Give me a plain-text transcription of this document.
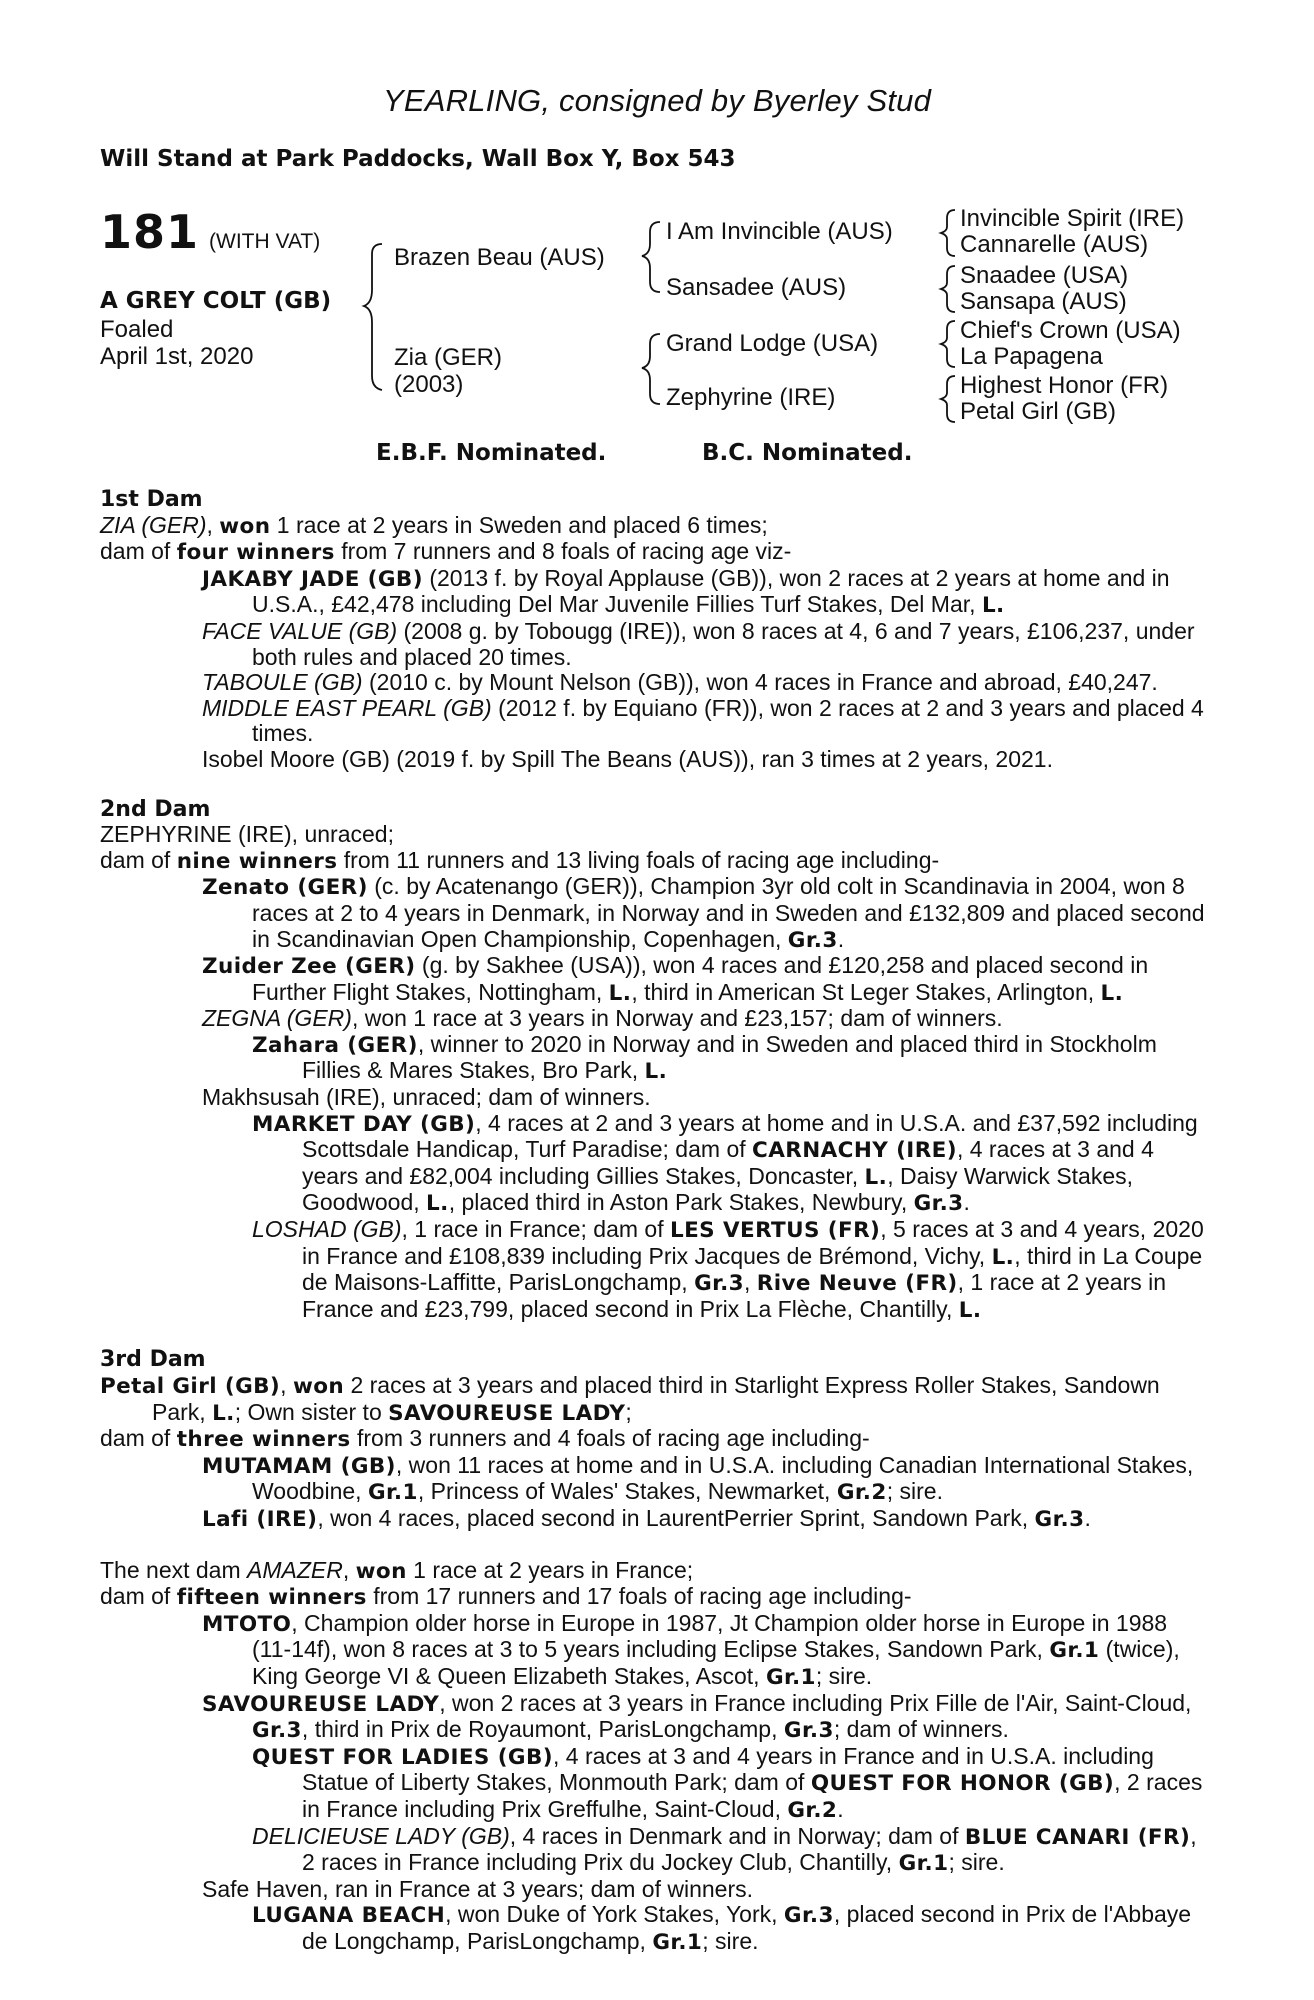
YEARLING, consigned by Byerley Stud
Will Stand at Park Paddocks, Wall Box Y, Box 543
181 (WITH VAT)
A GREY COLT (GB)
Foaled
April 1st, 2020
Brazen Beau (AUS)
Zia (GER)
(2003)
I Am Invincible (AUS)
Sansadee (AUS)
Grand Lodge (USA)
Zephyrine (IRE)
Invincible Spirit (IRE)
Cannarelle (AUS)
Snaadee (USA)
Sansapa (AUS)
Chief's Crown (USA)
La Papagena
Highest Honor (FR)
Petal Girl (GB)
E.B.F. Nominated.	B.C. Nominated.

1st Dam

ZIA (GER), won 1 race at 2 years in Sweden and placed 6 times;

dam of four winners from 7 runners and 8 foals of racing age viz-

JAKABY JADE (GB) (2013 f. by Royal Applause (GB)), won 2 races at 2 years at home and in U.S.A., £42,478 including Del Mar Juvenile Fillies Turf Stakes, Del Mar, L.

FACE VALUE (GB) (2008 g. by Tobougg (IRE)), won 8 races at 4, 6 and 7 years, £106,237, under both rules and placed 20 times.

TABOULE (GB) (2010 c. by Mount Nelson (GB)), won 4 races in France and abroad, £40,247.

MIDDLE EAST PEARL (GB) (2012 f. by Equiano (FR)), won 2 races at 2 and 3 years and placed 4 times.

Isobel Moore (GB) (2019 f. by Spill The Beans (AUS)), ran 3 times at 2 years, 2021.

2nd Dam

ZEPHYRINE (IRE), unraced;

dam of nine winners from 11 runners and 13 living foals of racing age including-

Zenato (GER) (c. by Acatenango (GER)), Champion 3yr old colt in Scandinavia in 2004, won 8 races at 2 to 4 years in Denmark, in Norway and in Sweden and £132,809 and placed second in Scandinavian Open Championship, Copenhagen, Gr.3.

Zuider Zee (GER) (g. by Sakhee (USA)), won 4 races and £120,258 and placed second in Further Flight Stakes, Nottingham, L., third in American St Leger Stakes, Arlington, L.

ZEGNA (GER), won 1 race at 3 years in Norway and £23,157; dam of winners.

Zahara (GER), winner to 2020 in Norway and in Sweden and placed third in Stockholm Fillies & Mares Stakes, Bro Park, L.

Makhsusah (IRE), unraced; dam of winners.

MARKET DAY (GB), 4 races at 2 and 3 years at home and in U.S.A. and £37,592 including Scottsdale Handicap, Turf Paradise; dam of CARNACHY (IRE), 4 races at 3 and 4 years and £82,004 including Gillies Stakes, Doncaster, L., Daisy Warwick Stakes, Goodwood, L., placed third in Aston Park Stakes, Newbury, Gr.3.

LOSHAD (GB), 1 race in France; dam of LES VERTUS (FR), 5 races at 3 and 4 years, 2020 in France and £108,839 including Prix Jacques de Brémond, Vichy, L., third in La Coupe de Maisons-Laffitte, ParisLongchamp, Gr.3, Rive Neuve (FR), 1 race at 2 years in France and £23,799, placed second in Prix La Flèche, Chantilly, L.

3rd Dam

Petal Girl (GB), won 2 races at 3 years and placed third in Starlight Express Roller Stakes, Sandown Park, L.; Own sister to SAVOUREUSE LADY;

dam of three winners from 3 runners and 4 foals of racing age including-

MUTAMAM (GB), won 11 races at home and in U.S.A. including Canadian International Stakes, Woodbine, Gr.1, Princess of Wales' Stakes, Newmarket, Gr.2; sire.

Lafi (IRE), won 4 races, placed second in LaurentPerrier Sprint, Sandown Park, Gr.3.

The next dam AMAZER, won 1 race at 2 years in France;

dam of fifteen winners from 17 runners and 17 foals of racing age including-

MTOTO, Champion older horse in Europe in 1987, Jt Champion older horse in Europe in 1988 (11-14f), won 8 races at 3 to 5 years including Eclipse Stakes, Sandown Park, Gr.1 (twice), King George VI & Queen Elizabeth Stakes, Ascot, Gr.1; sire.

SAVOUREUSE LADY, won 2 races at 3 years in France including Prix Fille de l'Air, Saint-Cloud, Gr.3, third in Prix de Royaumont, ParisLongchamp, Gr.3; dam of winners.

QUEST FOR LADIES (GB), 4 races at 3 and 4 years in France and in U.S.A. including Statue of Liberty Stakes, Monmouth Park; dam of QUEST FOR HONOR (GB), 2 races in France including Prix Greffulhe, Saint-Cloud, Gr.2.

DELICIEUSE LADY (GB), 4 races in Denmark and in Norway; dam of BLUE CANARI (FR), 2 races in France including Prix du Jockey Club, Chantilly, Gr.1; sire.

Safe Haven, ran in France at 3 years; dam of winners.

LUGANA BEACH, won Duke of York Stakes, York, Gr.3, placed second in Prix de l'Abbaye de Longchamp, ParisLongchamp, Gr.1; sire.
